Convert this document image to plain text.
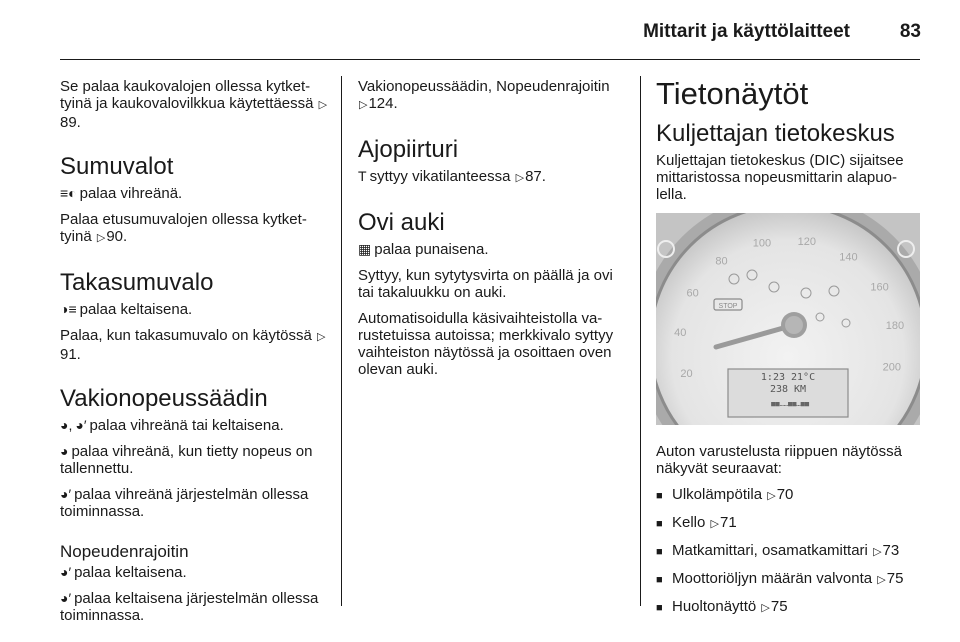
Mittarit ja käyttölaitteet	83

Se palaa kaukovalojen ollessa kytkettyinä ja kaukovalovilkkua käytettäessä ▷89.

Sumuvalot

≡◐ palaa vihreänä.

Palaa etusumuvalojen ollessa kytkettyinä ▷90.

Takasumuvalo

◑≡ palaa keltaisena.

Palaa, kun takasumuvalo on käytössä ▷91.

Vakionopeussäädin

◕, ◕′ palaa vihreänä tai keltaisena.

◕ palaa vihreänä, kun tietty nopeus on tallennettu.

◕′ palaa vihreänä järjestelmän ollessa toiminnassa.

Nopeudenrajoitin

◕′ palaa keltaisena.

◕′ palaa keltaisena järjestelmän ollessa toiminnassa.

Vakionopeussäädin, Nopeudenrajoitin ▷124.

Ajopiirturi

T syttyy vikatilanteessa ▷87.

Ovi auki

▦ palaa punaisena.

Syttyy, kun sytytysvirta on päällä ja ovi tai takaluukku on auki.

Automatisoidulla käsivaihteistolla varustetuissa autoissa; merkkivalo syttyy vaihteiston näytössä ja osoittaen oven olevan auki.

Tietonäytöt
Kuljettajan tietokeskus

Kuljettajan tietokeskus (DIC) sijaitsee mittaristossa nopeusmittarin alapuolella.

20
40
60
80
100 120
140
160
180
200
STOP
1:23 21°C
238 KM
 ■■……■■…■■

Auton varustelusta riippuen näytössä näkyvät seuraavat:

■ Ulkolämpötila ▷70
■ Kello ▷71
■ Matkamittari, osamatkamittari ▷73
■ Moottoriöljyn määrän valvonta ▷75
■ Huoltonäyttö ▷75
